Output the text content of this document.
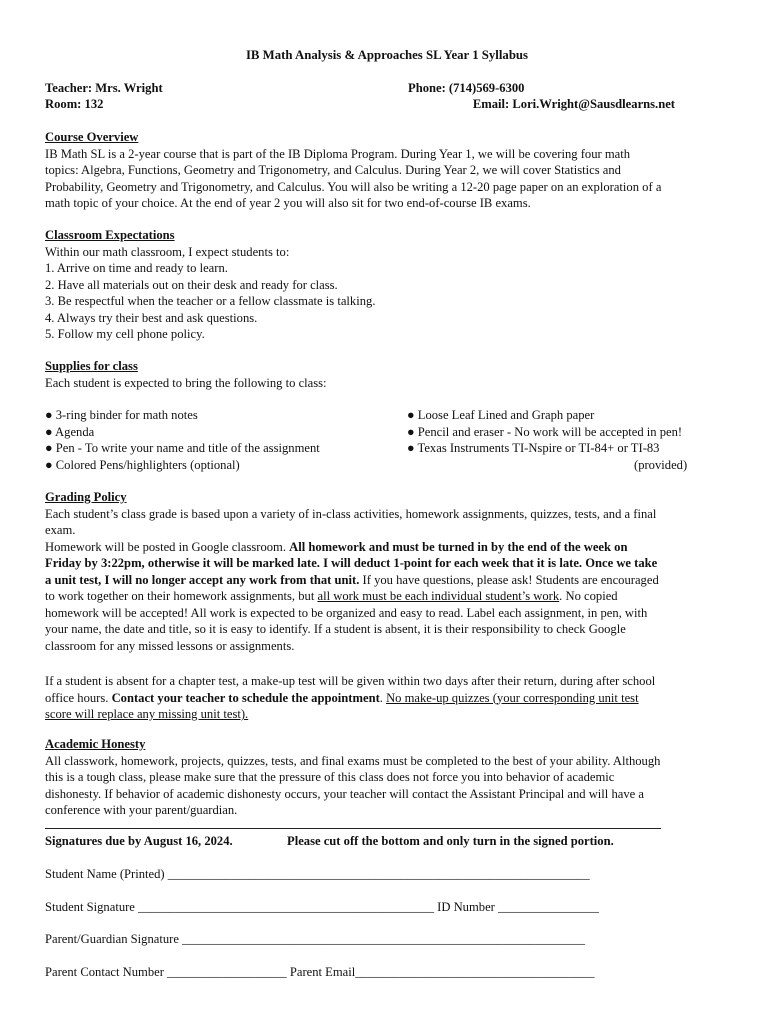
IB Math Analysis & Approaches SL Year 1 Syllabus
Teacher: Mrs. Wright
Room: 132
Phone: (714)569-6300
Email: Lori.Wright@Sausdlearns.net
Course Overview
IB Math SL is a 2-year course that is part of the IB Diploma Program. During Year 1, we will be covering four math
topics: Algebra, Functions, Geometry and Trigonometry, and Calculus. During Year 2, we will cover Statistics and
Probability, Geometry and Trigonometry, and Calculus. You will also be writing a 12-20 page paper on an exploration of a
math topic of your choice. At the end of year 2 you will also sit for two end-of-course IB exams.
Classroom Expectations
Within our math classroom, I expect students to:
1. Arrive on time and ready to learn.
2. Have all materials out on their desk and ready for class.
3. Be respectful when the teacher or a fellow classmate is talking.
4. Always try their best and ask questions.
5. Follow my cell phone policy.
Supplies for class
Each student is expected to bring the following to class:
● 3-ring binder for math notes
● Agenda
● Pen - To write your name and title of the assignment
● Colored Pens/highlighters (optional)
● Loose Leaf Lined and Graph paper
● Pencil and eraser - No work will be accepted in pen!
● Texas Instruments TI-Nspire or TI-84+ or TI-83
(provided)
Grading Policy
Each student’s class grade is based upon a variety of in-class activities, homework assignments, quizzes, tests, and a final
exam.
Homework will be posted in Google classroom. All homework and must be turned in by the end of the week on
Friday by 3:22pm, otherwise it will be marked late. I will deduct 1-point for each week that it is late. Once we take
a unit test, I will no longer accept any work from that unit. If you have questions, please ask! Students are encouraged
to work together on their homework assignments, but all work must be each individual student’s work. No copied
homework will be accepted! All work is expected to be organized and easy to read. Label each assignment, in pen, with
your name, the date and title, so it is easy to identify. If a student is absent, it is their responsibility to check Google
classroom for any missed lessons or assignments.
If a student is absent for a chapter test, a make-up test will be given within two days after their return, during after school
office hours. Contact your teacher to schedule the appointment. No make-up quizzes (your corresponding unit test
score will replace any missing unit test).
Academic Honesty
All classwork, homework, projects, quizzes, tests, and final exams must be completed to the best of your ability. Although
this is a tough class, please make sure that the pressure of this class does not force you into behavior of academic
dishonesty. If behavior of academic dishonesty occurs, your teacher will contact the Assistant Principal and will have a
conference with your parent/guardian.
Signatures due by August 16, 2024.	Please cut off the bottom and only turn in the signed portion.
Student Name (Printed) ___________________________________________________________________
Student Signature _______________________________________________ ID Number ________________
Parent/Guardian Signature ________________________________________________________________
Parent Contact Number ___________________ Parent Email______________________________________
